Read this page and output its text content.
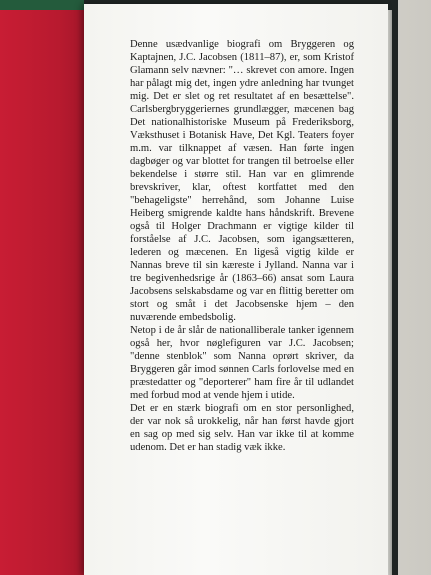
Denne usædvanlige biografi om Bryggeren og Kaptajnen, J.C. Jacobsen (1811–87), er, som Kristof Glamann selv nævner: "… skrevet con amore. Ingen har pålagt mig det, ingen ydre anledning har tvunget mig. Det er slet og ret resultatet af en besættelse". Carlsbergbryggeriernes grundlægger, mæcenen bag Det nationalhistoriske Museum på Frederiksborg, Væksthuset i Botanisk Have, Det Kgl. Teaters foyer m.m. var tilknappet af væsen. Han førte ingen dagbøger og var blottet for trangen til betroelse eller bekendelse i større stil. Han var en glimrende brevskriver, klar, oftest kortfattet med den "behageligste" herrehånd, som Johanne Luise Heiberg smigrende kaldte hans håndskrift. Brevene også til Holger Drachmann er vigtige kilder til forståelse af J.C. Jacobsen, som igangsætteren, lederen og mæcenen. En ligeså vigtig kilde er Nannas breve til sin kæreste i Jylland. Nanna var i tre begivenhedsrige år (1863–66) ansat som Laura Jacobsens selskabsdame og var en flittig beretter om stort og småt i det Jacobsenske hjem – den nuværende embedsbolig.

Netop i de år slår de nationalliberale tanker igennem også her, hvor nøglefiguren var J.C. Jacobsen; "denne stenblok" som Nanna oprørt skriver, da Bryggeren går imod sønnen Carls forlovelse med en præstedatter og "deporterer" ham fire år til udlandet med forbud mod at vende hjem i utide.

Det er en stærk biografi om en stor personlighed, der var nok så urokkelig, når han først havde gjort en sag op med sig selv. Han var ikke til at komme udenom. Det er han stadig væk ikke.
